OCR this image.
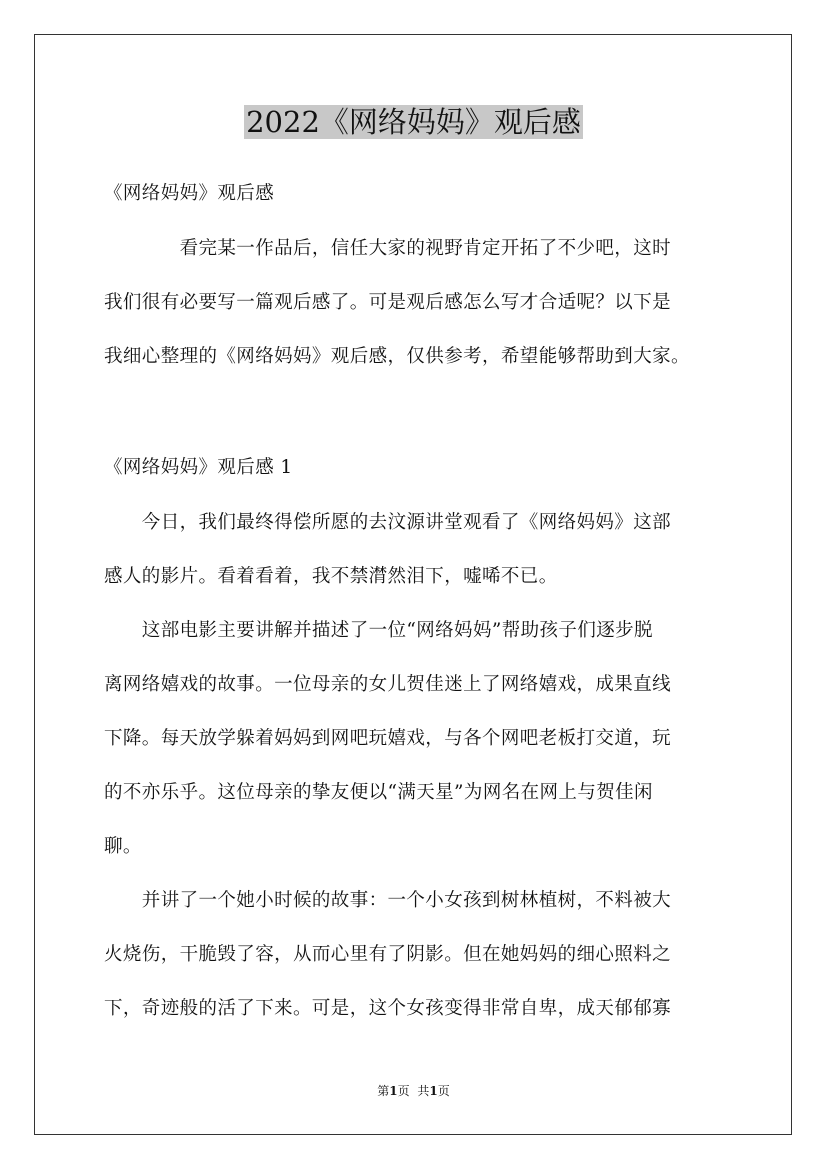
2022《网络妈妈》观后感
《网络妈妈》观后感
　　　　看完某一作品后，信任大家的视野肯定开拓了不少吧，这时
我们很有必要写一篇观后感了。可是观后感怎么写才合适呢？以下是
我细心整理的《网络妈妈》观后感，仅供参考，希望能够帮助到大家。
《网络妈妈》观后感 1
　　今日，我们最终得偿所愿的去汶源讲堂观看了《网络妈妈》这部
感人的影片。看着看着，我不禁潸然泪下，嘘唏不已。
　　这部电影主要讲解并描述了一位“网络妈妈”帮助孩子们逐步脱
离网络嬉戏的故事。一位母亲的女儿贺佳迷上了网络嬉戏，成果直线
下降。每天放学躲着妈妈到网吧玩嬉戏，与各个网吧老板打交道，玩
的不亦乐乎。这位母亲的挚友便以“满天星”为网名在网上与贺佳闲
聊。
　　并讲了一个她小时候的故事：一个小女孩到树林植树，不料被大
火烧伤，干脆毁了容，从而心里有了阴影。但在她妈妈的细心照料之
下，奇迹般的活了下来。可是，这个女孩变得非常自卑，成天郁郁寡
第1页 共1页
